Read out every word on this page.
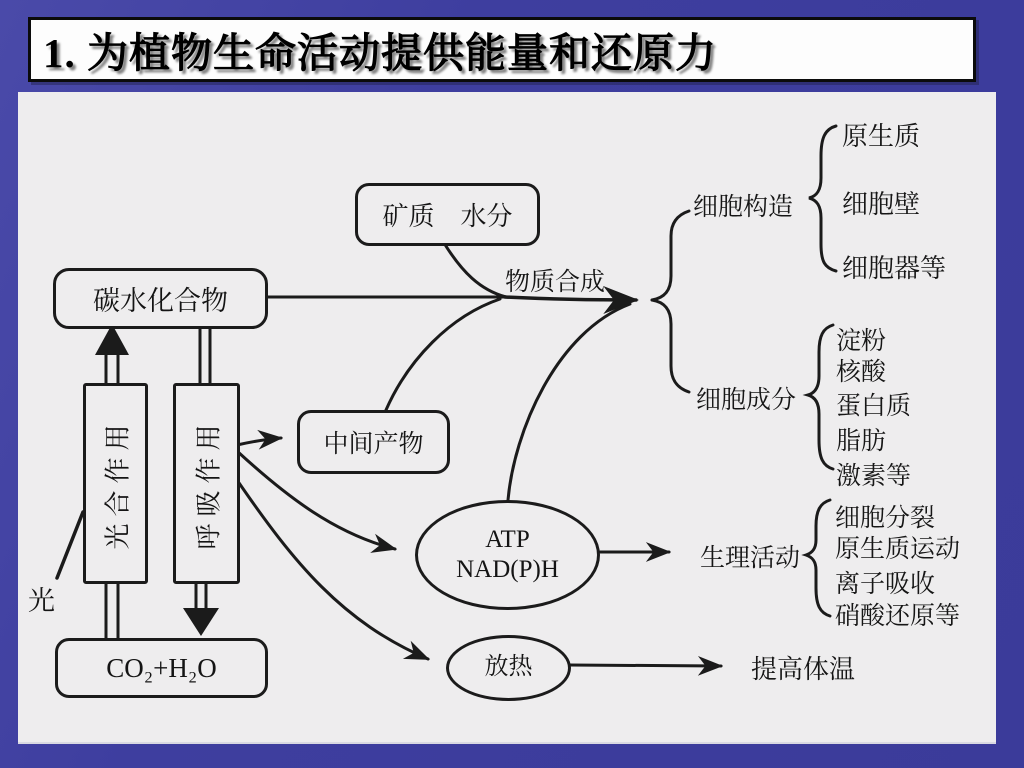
1. 为植物生命活动提供能量和还原力
矿质　水分
碳水化合物
光合作用 呼吸作用	中间产物
CO₂+H₂O
ATP
NAD(P)H
放热
物质合成
光
提高体温
细胞构造
原生质
细胞壁
细胞器等
细胞成分
淀粉
核酸
蛋白质
脂肪
激素等
生理活动
细胞分裂
原生质运动
离子吸收
硝酸还原等
